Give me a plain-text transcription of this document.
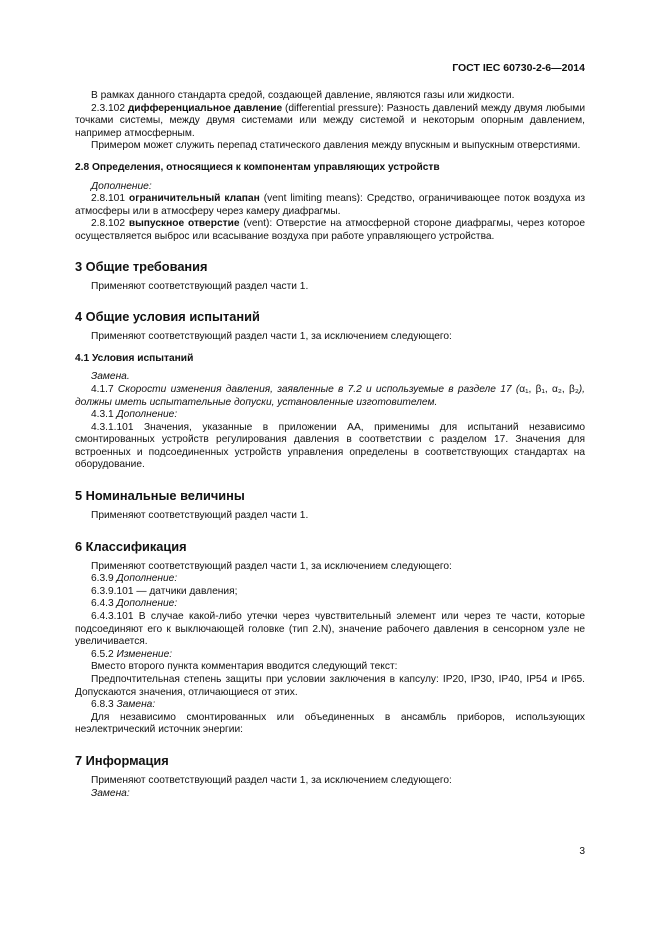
ГОСТ IEC 60730-2-6—2014

В рамках данного стандарта средой, создающей давление, являются газы или жидкости.

2.3.102 дифференциальное давление (differential pressure): Разность давлений между двумя любыми точками системы, между двумя системами или между системой и некоторым опорным давлением, например атмосферным.

Примером может служить перепад статического давления между впускным и выпускным отверстиями.

2.8 Определения, относящиеся к компонентам управляющих устройств

Дополнение:

2.8.101 ограничительный клапан (vent limiting means): Средство, ограничивающее поток воздуха из атмосферы или в атмосферу через камеру диафрагмы.

2.8.102 выпускное отверстие (vent): Отверстие на атмосферной стороне диафрагмы, через которое осуществляется выброс или всасывание воздуха при работе управляющего устройства.

3 Общие требования

Применяют соответствующий раздел части 1.

4 Общие условия испытаний

Применяют соответствующий раздел части 1, за исключением следующего:

4.1 Условия испытаний

Замена.

4.1.7 Скорости изменения давления, заявленные в 7.2 и используемые в разделе 17 (α₁, β₁, α₂, β₂), должны иметь испытательные допуски, установленные изготовителем.

4.3.1 Дополнение:

4.3.1.101 Значения, указанные в приложении АА, применимы для испытаний независимо смонтированных устройств регулирования давления в соответствии с разделом 17. Значения для встроенных и подсоединенных устройств управления определены в соответствующих стандартах на оборудование.

5 Номинальные величины

Применяют соответствующий раздел части 1.

6 Классификация

Применяют соответствующий раздел части 1, за исключением следующего:

6.3.9 Дополнение:

6.3.9.101 — датчики давления;

6.4.3 Дополнение:

6.4.3.101 В случае какой-либо утечки через чувствительный элемент или через те части, которые подсоединяют его к выключающей головке (тип 2.N), значение рабочего давления в сенсорном узле не увеличивается.

6.5.2 Изменение:

Вместо второго пункта комментария вводится следующий текст:

Предпочтительная степень защиты при условии заключения в капсулу: IP20, IP30, IP40, IP54 и IP65. Допускаются значения, отличающиеся от этих.

6.8.3 Замена:

Для независимо смонтированных или объединенных в ансамбль приборов, использующих неэлектрический источник энергии:

7 Информация

Применяют соответствующий раздел части 1, за исключением следующего:

Замена:

3
